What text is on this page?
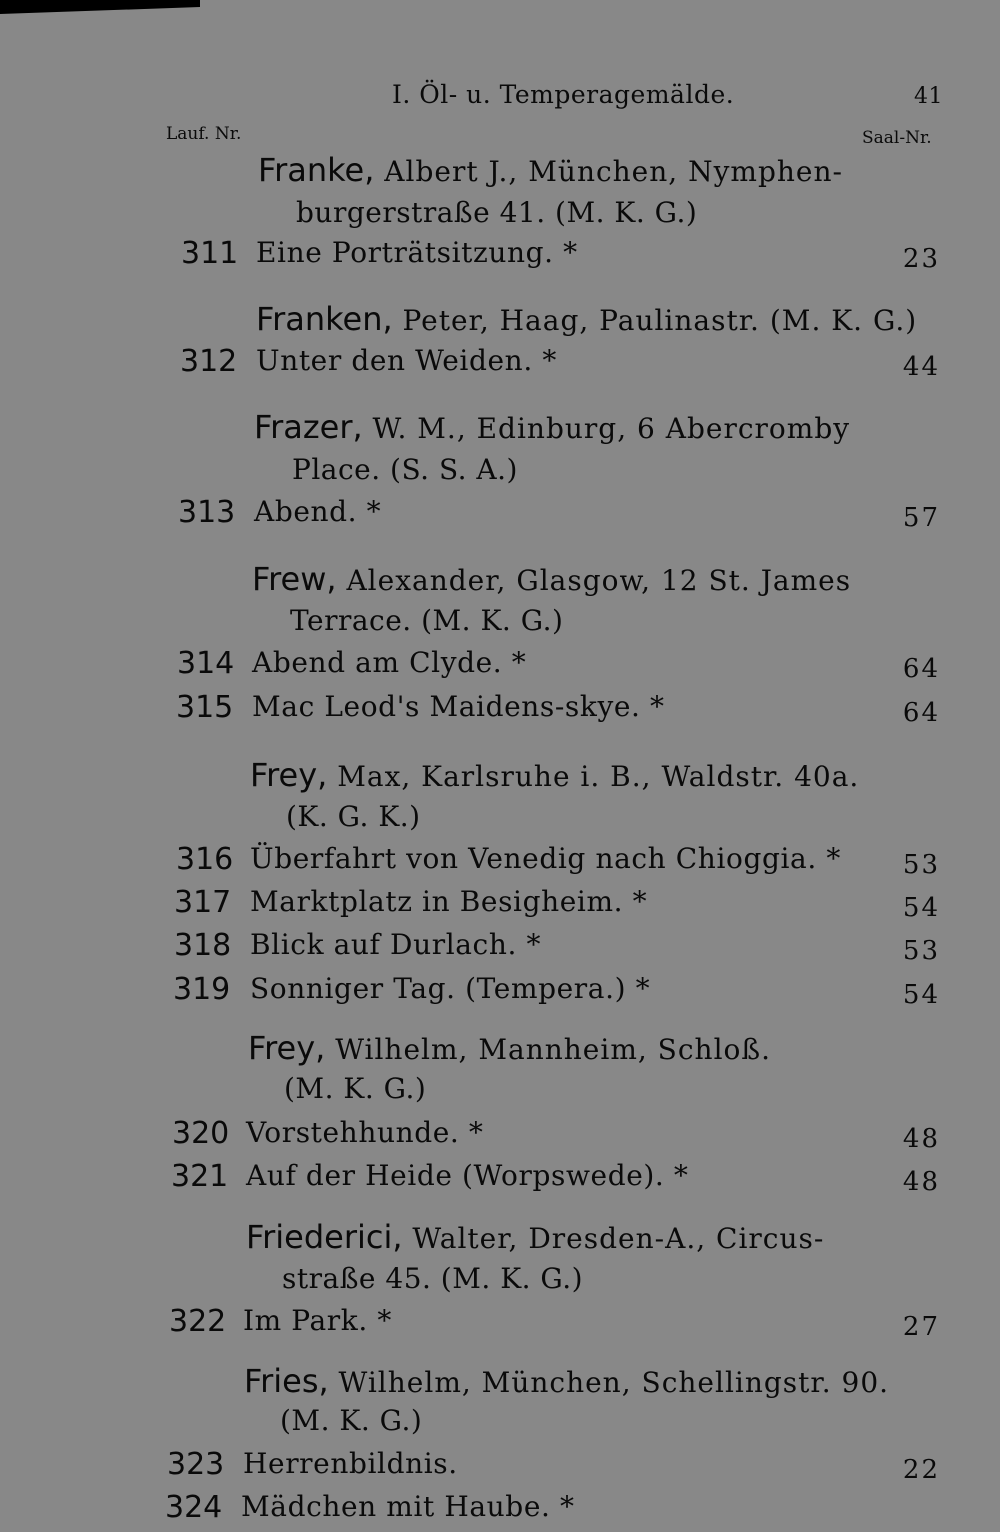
I. Öl- u. Temperagemälde.	41
Lauf. Nr.	Saal-Nr.
Franke, Albert J., München, Nymphen-
burgerstraße 41. (M. K. G.)
311 Eine Porträtsitzung. *	23
Franken, Peter, Haag, Paulinastr. (M. K. G.)
312 Unter den Weiden. *	44
Frazer, W. M., Edinburg, 6 Abercromby
Place. (S. S. A.)
313 Abend. *	57
Frew, Alexander, Glasgow, 12 St. James
Terrace. (M. K. G.)
314 Abend am Clyde. *	64
315 Mac Leod's Maidens-skye. *	64
Frey, Max, Karlsruhe i. B., Waldstr. 40a.
(K. G. K.)
316 Überfahrt von Venedig nach Chioggia. * 53
317 Marktplatz in Besigheim. *	54
318 Blick auf Durlach. *	53
319 Sonniger Tag. (Tempera.) *	54
Frey, Wilhelm, Mannheim, Schloß.
(M. K. G.)
320 Vorstehhunde. *	48
321 Auf der Heide (Worpswede). *	48
Friederici, Walter, Dresden-A., Circus-
straße 45. (M. K. G.)
322 Im Park. *	27
Fries, Wilhelm, München, Schellingstr. 90.
(M. K. G.)
323 Herrenbildnis.	22
324 Mädchen mit Haube. *
